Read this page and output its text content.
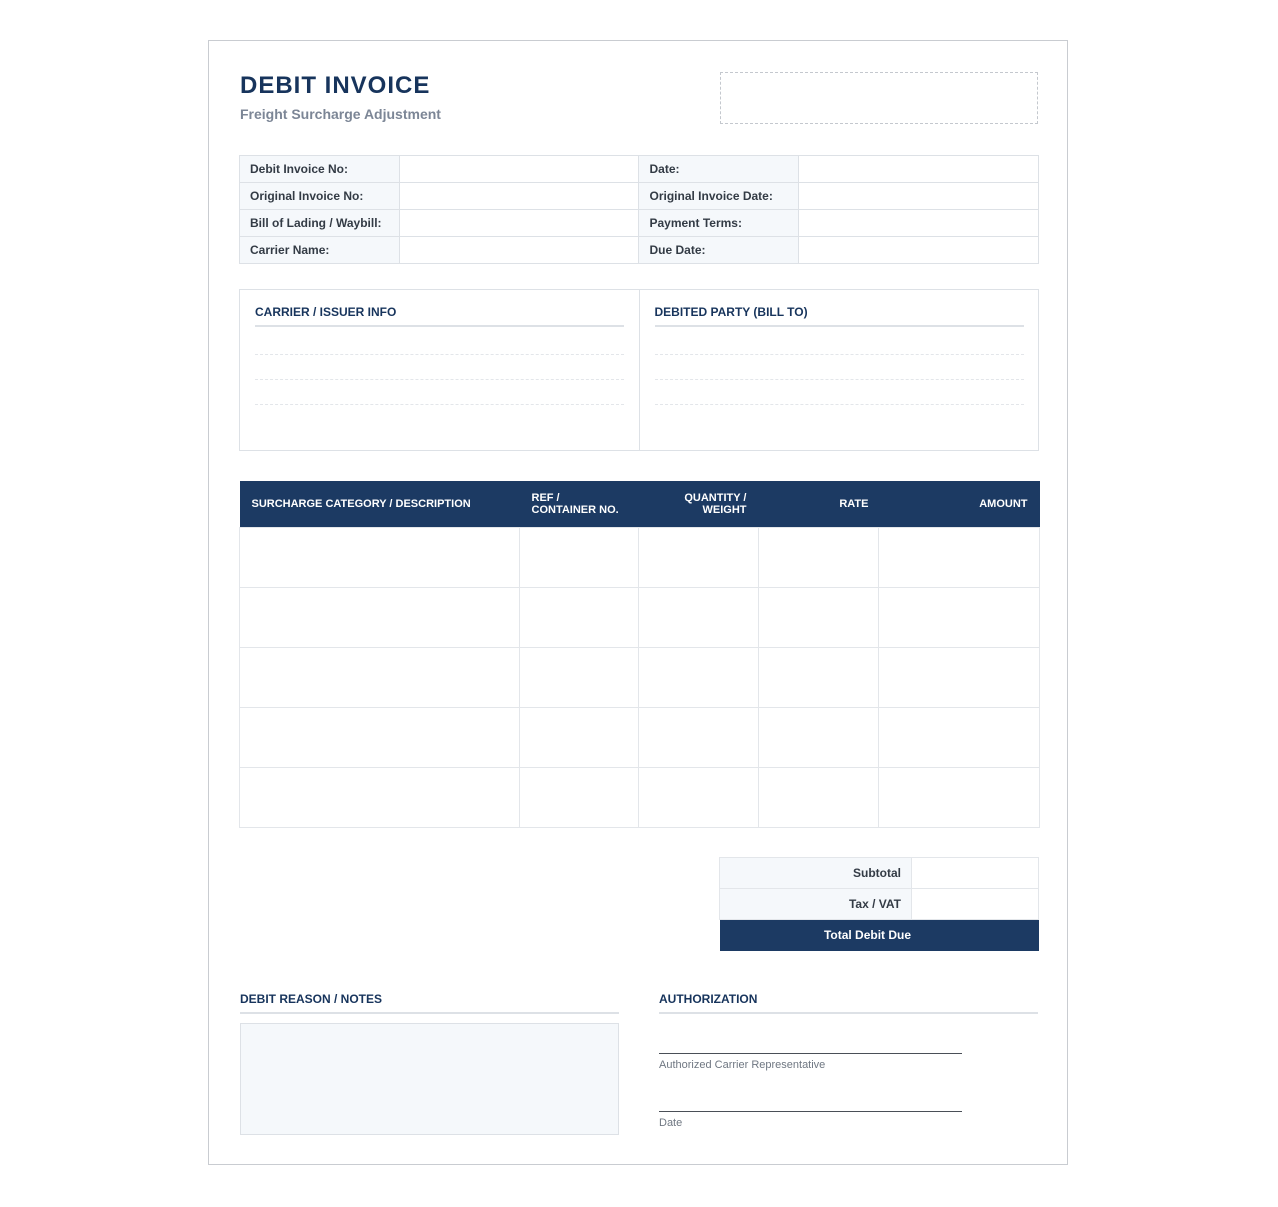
DEBIT INVOICE
Freight Surcharge Adjustment
Debit Invoice No:		Date:	
Original Invoice No:		Original Invoice Date:	
Bill of Lading / Waybill:		Payment Terms:	
Carrier Name:		Due Date:	
CARRIER / ISSUER INFO	DEBITED PARTY (BILL TO)
SURCHARGE CATEGORY / DESCRIPTION	REF / CONTAINER NO.	QUANTITY / WEIGHT	RATE	AMOUNT

Subtotal	
Tax / VAT	
Total Debit Due	
DEBIT REASON / NOTES	AUTHORIZATION
Authorized Carrier Representative
Date
